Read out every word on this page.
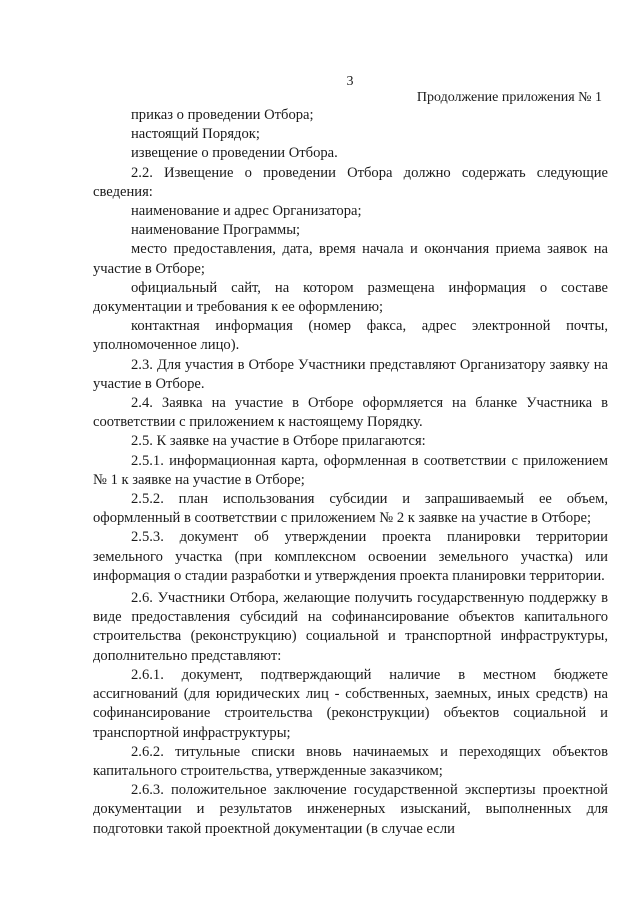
3
Продолжение приложения № 1

приказ о проведении Отбора;

настоящий Порядок;

извещение о проведении Отбора.

2.2. Извещение о проведении Отбора должно содержать следующие сведения:

наименование и адрес Организатора;

наименование Программы;

место предоставления, дата, время начала и окончания приема заявок на участие в Отборе;

официальный сайт, на котором размещена информация о составе документации и требования к ее оформлению;

контактная информация (номер факса, адрес электронной почты, уполномоченное лицо).

2.3. Для участия в Отборе Участники представляют Организатору заявку на участие в Отборе.

2.4. Заявка на участие в Отборе оформляется на бланке Участника в соответствии с приложением к настоящему Порядку.

2.5. К заявке на участие в Отборе прилагаются:

2.5.1. информационная карта, оформленная в соответствии с приложением № 1 к заявке на участие в Отборе;

2.5.2. план использования субсидии и запрашиваемый ее объем, оформленный в соответствии с приложением № 2 к заявке на участие в Отборе;

2.5.3. документ об утверждении проекта планировки территории земельного участка (при комплексном освоении земельного участка) или информация о стадии разработки и утверждения проекта планировки территории.

2.6. Участники Отбора, желающие получить государственную поддержку в виде предоставления субсидий на софинансирование объектов капитального строительства (реконструкцию) социальной и транспортной инфраструктуры, дополнительно представляют:

2.6.1. документ, подтверждающий наличие в местном бюджете ассигнований (для юридических лиц - собственных, заемных, иных средств) на софинансирование строительства (реконструкции) объектов социальной и транспортной инфраструктуры;

2.6.2. титульные списки вновь начинаемых и переходящих объектов капитального строительства, утвержденные заказчиком;

2.6.3. положительное заключение государственной экспертизы проектной документации и результатов инженерных изысканий, выполненных для подготовки такой проектной документации (в случае если
